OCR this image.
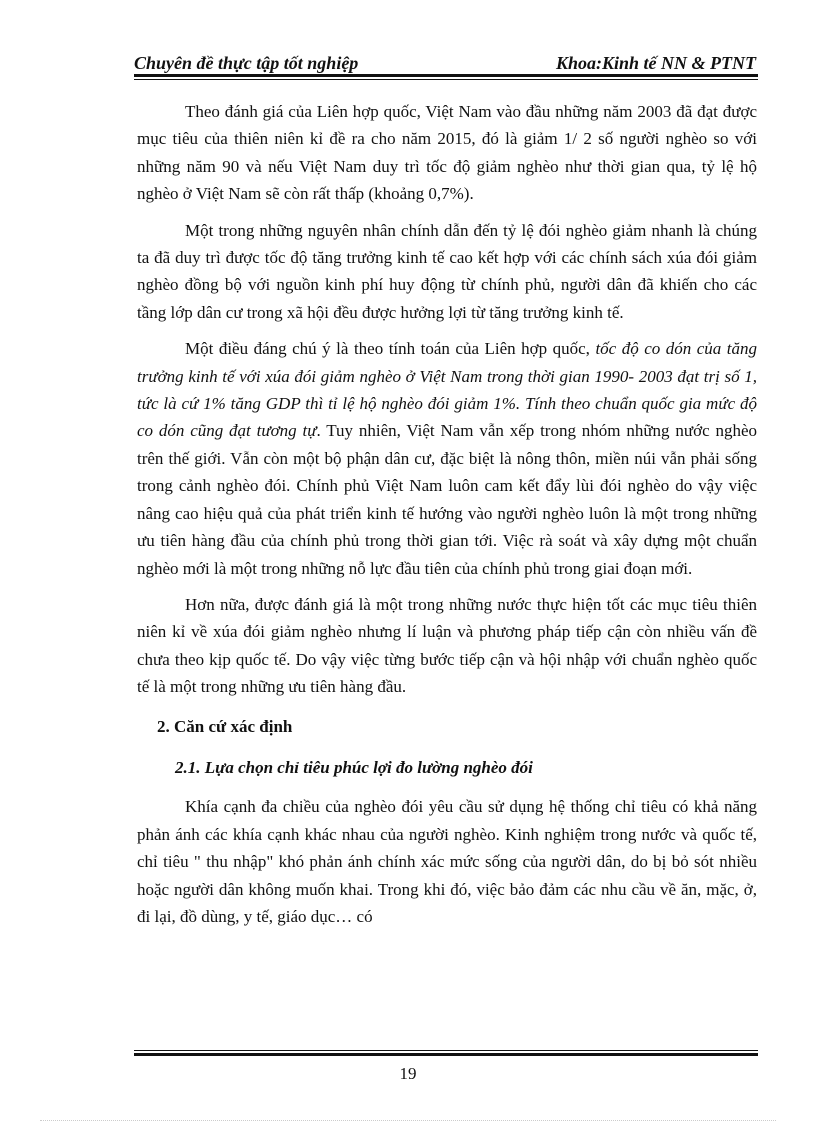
Chuyên đề thực tập tốt nghiệp	Khoa:Kinh tế NN & PTNT

Theo đánh giá của Liên hợp quốc, Việt Nam vào đầu những năm 2003 đã đạt được mục tiêu của thiên niên kỉ đề ra cho năm 2015, đó là giảm 1/ 2 số người nghèo so với những năm 90 và nếu Việt Nam duy trì tốc độ giảm nghèo như thời gian qua, tỷ lệ hộ nghèo ở Việt Nam sẽ còn rất thấp (khoảng 0,7%).

Một trong những nguyên nhân chính dẫn đến tỷ lệ đói nghèo giảm nhanh là chúng ta đã duy trì được tốc độ tăng trưởng kinh tế cao kết hợp với các chính sách xúa đói giảm nghèo đồng bộ với nguồn kinh phí huy động từ chính phủ, người dân đã khiến cho các tầng lớp dân cư trong xã hội đều được hưởng lợi từ tăng trưởng kinh tế.

Một điều đáng chú ý là theo tính toán của Liên hợp quốc, tốc độ co dón của tăng trưởng kinh tế với xúa đói giảm nghèo ở Việt Nam trong thời gian 1990- 2003 đạt trị số 1, tức là cứ 1% tăng GDP thì tỉ lệ hộ nghèo đói giảm 1%. Tính theo chuẩn quốc gia mức độ co dón cũng đạt tương tự. Tuy nhiên, Việt Nam vẫn xếp trong nhóm những nước nghèo trên thế giới. Vẫn còn một bộ phận dân cư, đặc biệt là nông thôn, miền núi vẫn phải sống trong cảnh nghèo đói. Chính phủ Việt Nam luôn cam kết đẩy lùi đói nghèo do vậy việc nâng cao hiệu quả của phát triển kinh tế hướng vào người nghèo luôn là một trong những ưu tiên hàng đầu của chính phủ trong thời gian tới. Việc rà soát và xây dựng một chuẩn nghèo mới là một trong những nỗ lực đầu tiên của chính phủ trong giai đoạn mới.

Hơn nữa, được đánh giá là một trong những nước thực hiện tốt các mục tiêu thiên niên kỉ về xúa đói giảm nghèo nhưng lí luận và phương pháp tiếp cận còn nhiều vấn đề chưa theo kịp quốc tế. Do vậy việc từng bước tiếp cận và hội nhập với chuẩn nghèo quốc tế là một trong những ưu tiên hàng đầu.

2. Căn cứ xác định
2.1. Lựa chọn chỉ tiêu phúc lợi đo lường nghèo đói

Khía cạnh đa chiều của nghèo đói yêu cầu sử dụng hệ thống chỉ tiêu có khả năng phản ánh các khía cạnh khác nhau của người nghèo. Kinh nghiệm trong nước và quốc tế, chỉ tiêu " thu nhập" khó phản ánh chính xác mức sống của người dân, do bị bỏ sót nhiều hoặc người dân không muốn khai. Trong khi đó, việc bảo đảm các nhu cầu về ăn, mặc, ở, đi lại, đồ dùng, y tế, giáo dục… có

19
